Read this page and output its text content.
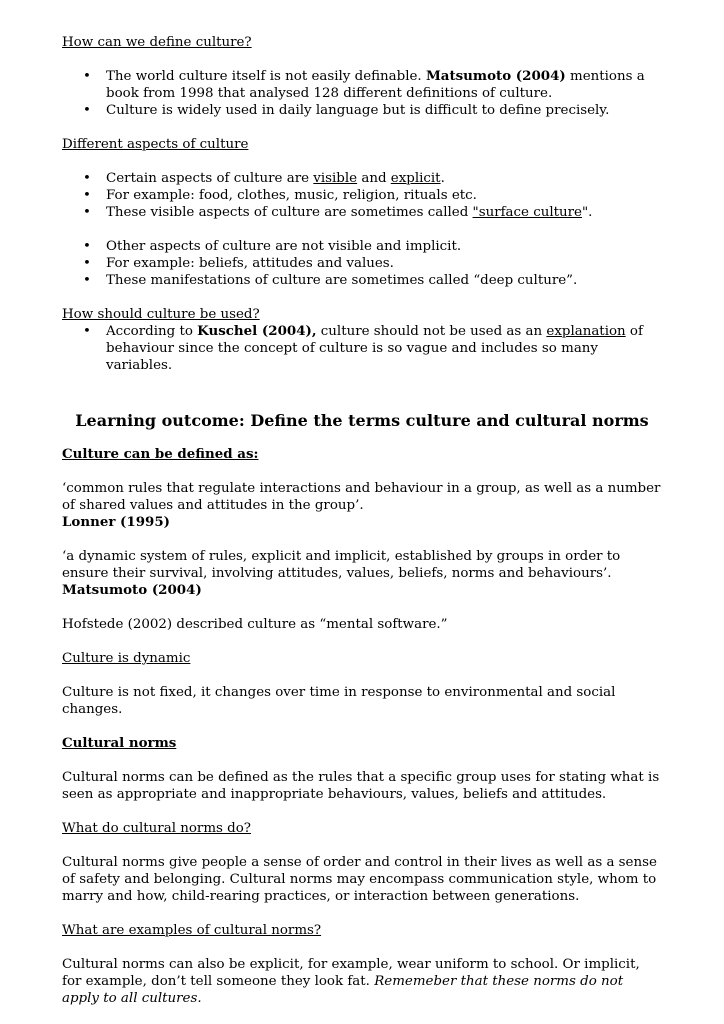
How can we define culture?

• The world culture itself is not easily definable. Matsumoto (2004) mentions a book from 1998 that analysed 128 different definitions of culture.
• Culture is widely used in daily language but is difficult to define precisely.

Different aspects of culture

• Certain aspects of culture are visible and explicit.
• For example: food, clothes, music, religion, rituals etc.
• These visible aspects of culture are sometimes called "surface culture".
• Other aspects of culture are not visible and implicit.
• For example: beliefs, attitudes and values.
• These manifestations of culture are sometimes called “deep culture”.

How should culture be used?

• According to Kuschel (2004), culture should not be used as an explanation of behaviour since the concept of culture is so vague and includes so many variables.

Learning outcome: Define the terms culture and cultural norms

Culture can be defined as:

‘common rules that regulate interactions and behaviour in a group, as well as a number of shared values and attitudes in the group’.

Lonner (1995)

‘a dynamic system of rules, explicit and implicit, established by groups in order to ensure their survival, involving attitudes, values, beliefs, norms and behaviours’. Matsumoto (2004)

Hofstede (2002) described culture as “mental software.”

Culture is dynamic

Culture is not fixed, it changes over time in response to environmental and social changes.

Cultural norms

Cultural norms can be defined as the rules that a specific group uses for stating what is seen as appropriate and inappropriate behaviours, values, beliefs and attitudes.

What do cultural norms do?

Cultural norms give people a sense of order and control in their lives as well as a sense of safety and belonging. Cultural norms may encompass communication style, whom to marry and how, child-rearing practices, or interaction between generations.

What are examples of cultural norms?

Cultural norms can also be explicit, for example, wear uniform to school. Or implicit, for example, don’t tell someone they look fat. Rememeber that these norms do not apply to all cultures.
